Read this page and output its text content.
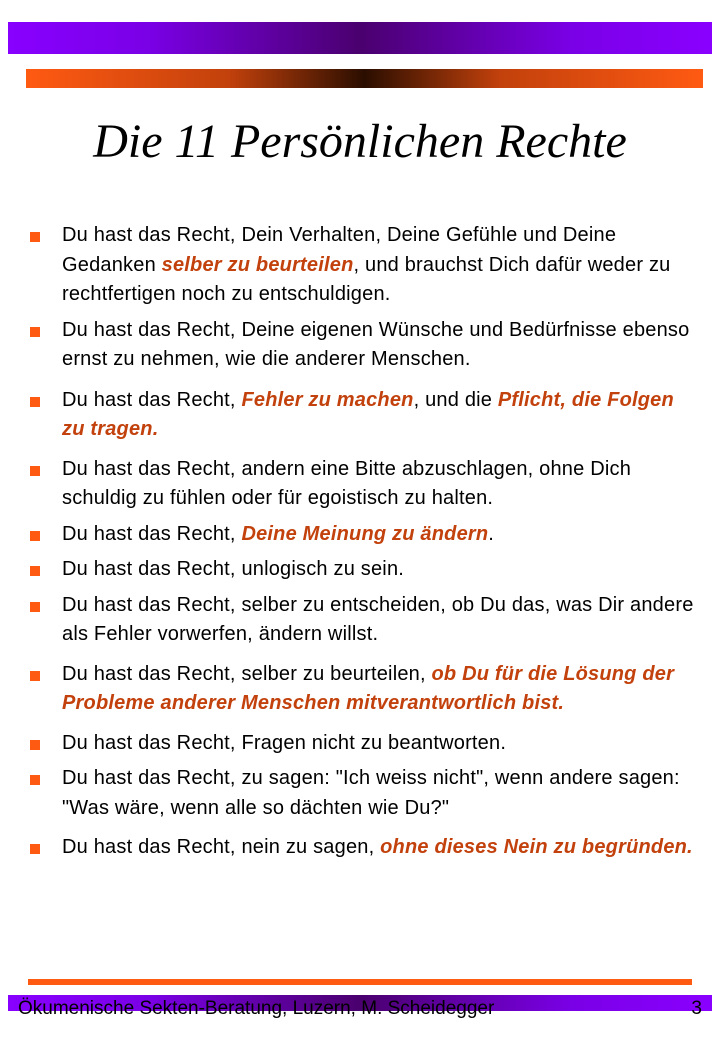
Die 11 Persönlichen Rechte
Du hast das Recht, Dein Verhalten, Deine Gefühle und Deine Gedanken selber zu beurteilen, und brauchst Dich dafür weder zu rechtfertigen noch zu entschuldigen.
Du hast das Recht, Deine eigenen Wünsche und Bedürfnisse ebenso ernst zu nehmen, wie die anderer Menschen.
Du hast das Recht, Fehler zu machen, und die Pflicht, die Folgen zu tragen.
Du hast das Recht, andern eine Bitte abzuschlagen, ohne Dich schuldig zu fühlen oder für egoistisch zu halten.
Du hast das Recht, Deine Meinung zu ändern.
Du hast das Recht, unlogisch zu sein.
Du hast das Recht, selber zu entscheiden, ob Du das, was Dir andere als Fehler vorwerfen, ändern willst.
Du hast das Recht, selber zu beurteilen, ob Du für die Lösung der Probleme anderer Menschen mitverantwortlich bist.
Du hast das Recht, Fragen nicht zu beantworten.
Du hast das Recht, zu sagen: "Ich weiss nicht", wenn andere sagen: "Was wäre, wenn alle so dächten wie Du?"
Du hast das Recht, nein zu sagen, ohne dieses Nein zu begründen.
Ökumenische Sekten-Beratung, Luzern, M. Scheidegger	3
